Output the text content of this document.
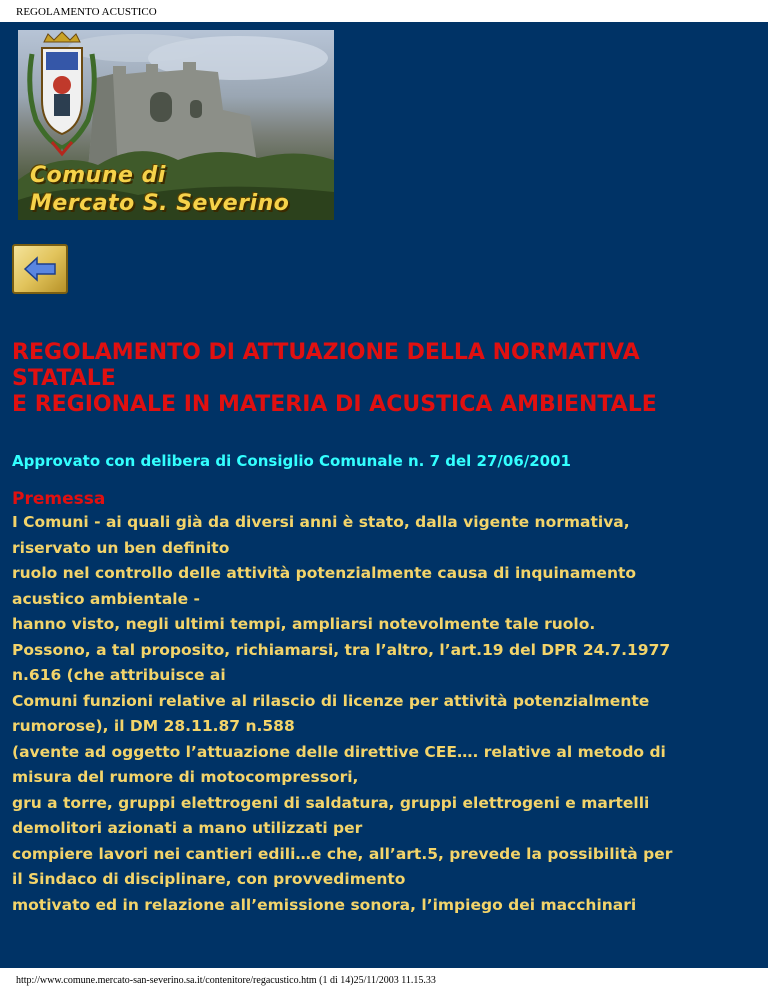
REGOLAMENTO ACUSTICO
Comune di
Mercato S. Severino
REGOLAMENTO DI ATTUAZIONE DELLA NORMATIVA
STATALE
E REGIONALE IN MATERIA DI ACUSTICA AMBIENTALE
Approvato con delibera di Consiglio Comunale n. 7 del 27/06/2001
Premessa
I Comuni - ai quali già da diversi anni è stato, dalla vigente normativa,
riservato un ben definito
ruolo nel controllo delle attività potenzialmente causa di inquinamento
acustico ambientale -
hanno visto, negli ultimi tempi, ampliarsi notevolmente tale ruolo.
Possono, a tal proposito, richiamarsi, tra l’altro, l’art.19 del DPR 24.7.1977
n.616 (che attribuisce ai
Comuni funzioni relative al rilascio di licenze per attività potenzialmente
rumorose), il DM 28.11.87 n.588
(avente ad oggetto l’attuazione delle direttive CEE…. relative al metodo di
misura del rumore di motocompressori,
gru a torre, gruppi elettrogeni di saldatura, gruppi elettrogeni e martelli
demolitori azionati a mano utilizzati per
compiere lavori nei cantieri edili…e che, all’art.5, prevede la possibilità per
il Sindaco di disciplinare, con provvedimento
motivato ed in relazione all’emissione sonora, l’impiego dei macchinari
http://www.comune.mercato-san-severino.sa.it/contenitore/regacustico.htm (1 di 14)25/11/2003 11.15.33
